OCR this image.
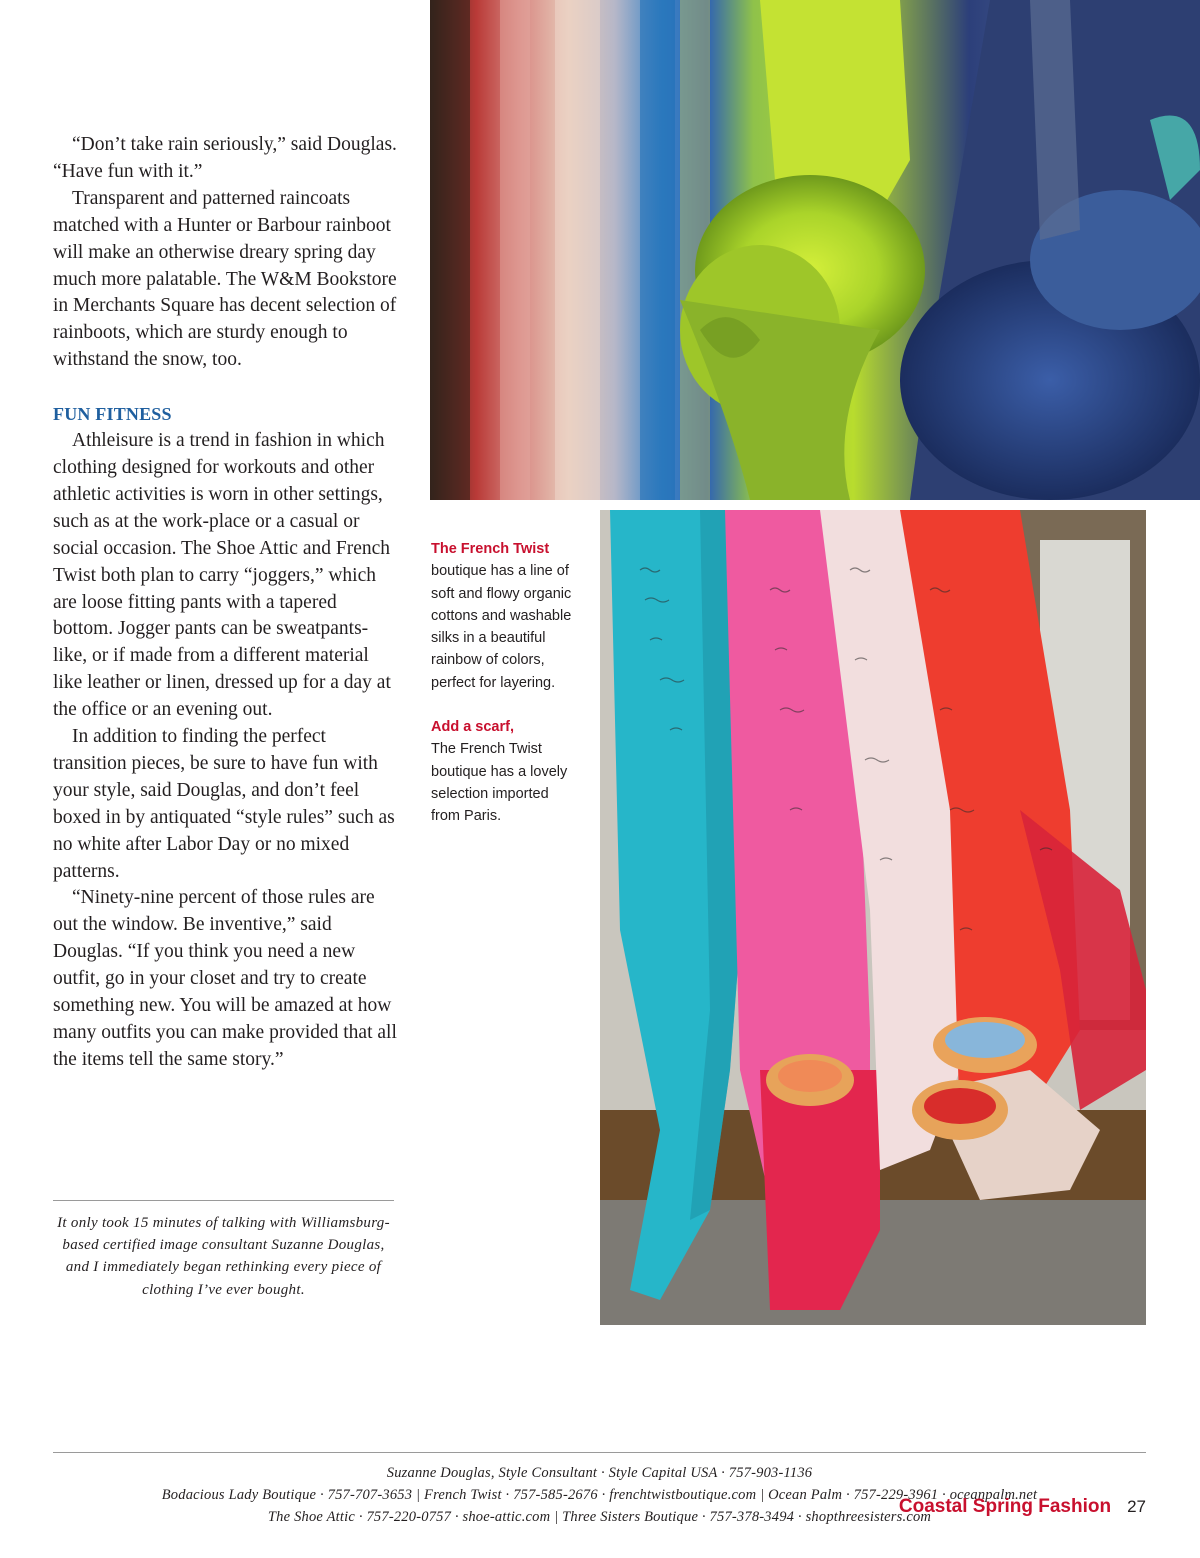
“Don’t take rain seriously,” said Douglas. “Have fun with it.”

Transparent and patterned raincoats matched with a Hunter or Barbour rainboot will make an otherwise dreary spring day much more palatable. The W&M Bookstore in Merchants Square has decent selection of rainboots, which are sturdy enough to withstand the snow, too.

FUN FITNESS

Athleisure is a trend in fashion in which clothing designed for workouts and other athletic activities is worn in other settings, such as at the work-place or a casual or social occasion. The Shoe Attic and French Twist both plan to carry “joggers,” which are loose fitting pants with a tapered bottom. Jogger pants can be sweatpants-like, or if made from a different material like leather or linen, dressed up for a day at the office or an evening out.

In addition to finding the perfect transition pieces, be sure to have fun with your style, said Douglas, and don’t feel boxed in by antiquated “style rules” such as no white after Labor Day or no mixed patterns.

“Ninety-nine percent of those rules are out the window. Be inventive,” said Douglas. “If you think you need a new outfit, go in your closet and try to create something new. You will be amazed at how many outfits you can make provided that all the items tell the same story.”

It only took 15 minutes of talking with Williamsburg-based certified image consultant Suzanne Douglas, and I immediately began rethinking every piece of clothing I’ve ever bought.

The French Twist
boutique has a line of soft and flowy organic cottons and washable silks in a beautiful rainbow of colors, perfect for layering.

Add a scarf,
The French Twist boutique has a lovely selection imported from Paris.

Suzanne Douglas, Style Consultant · Style Capital USA · 757-903-1136
Bodacious Lady Boutique · 757-707-3653 | French Twist · 757-585-2676 · frenchtwistboutique.com | Ocean Palm · 757-229-3961 · oceanpalm.net
The Shoe Attic · 757-220-0757 · shoe-attic.com | Three Sisters Boutique · 757-378-3494 · shopthreesisters.com
Coastal Spring Fashion 27
